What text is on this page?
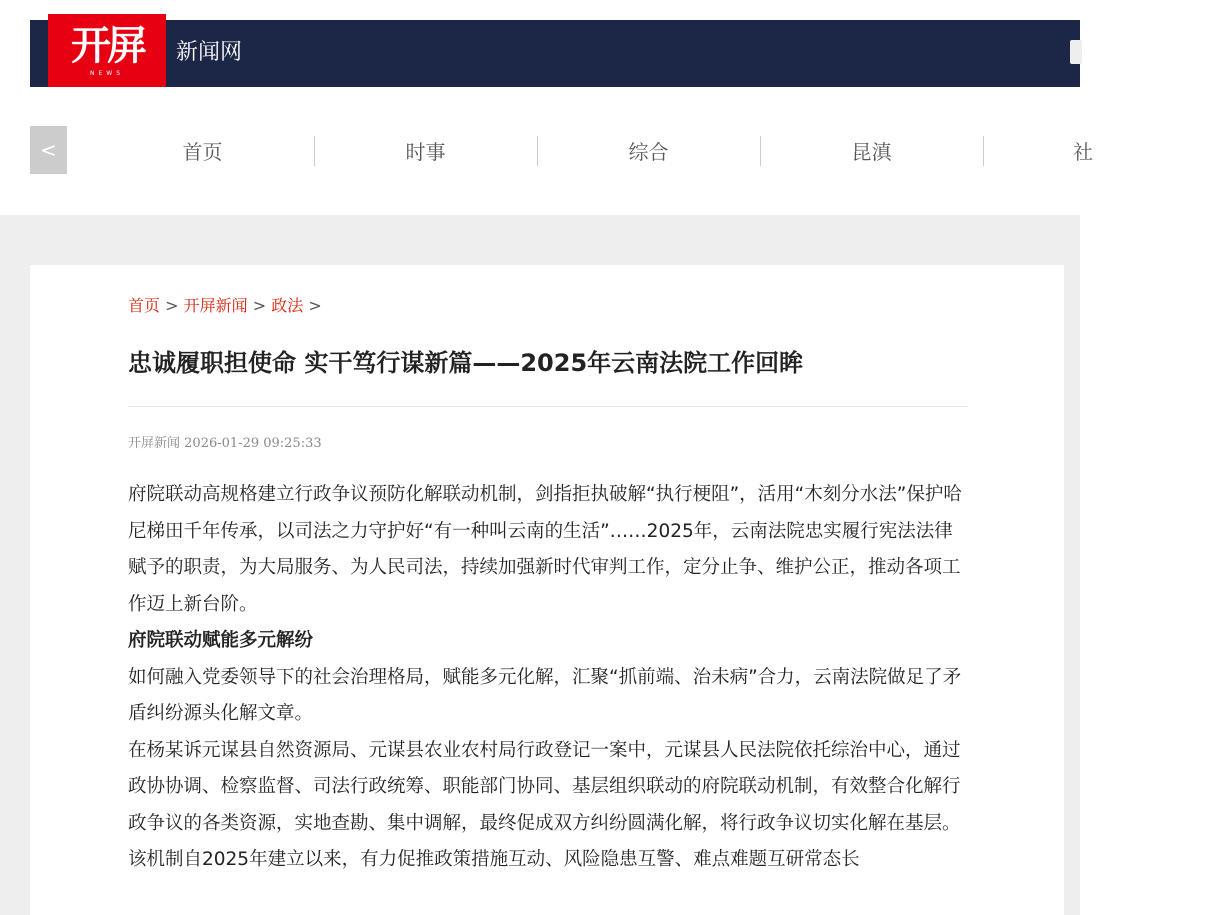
开屏
NEWS
新闻网
<	首页	时事	综合	昆滇	社
首页 > 开屏新闻 > 政法 >
忠诚履职担使命 实干笃行谋新篇——2025年云南法院工作回眸
开屏新闻 2026-01-29 09:25:33

府院联动高规格建立行政争议预防化解联动机制，剑指拒执破解“执行梗阻”，活用“木刻分水法”保护哈尼梯田千年传承，以司法之力守护好“有一种叫云南的生活”……2025年，云南法院忠实履行宪法法律赋予的职责，为大局服务、为人民司法，持续加强新时代审判工作，定分止争、维护公正，推动各项工作迈上新台阶。

府院联动赋能多元解纷

如何融入党委领导下的社会治理格局，赋能多元化解，汇聚“抓前端、治未病”合力，云南法院做足了矛盾纠纷源头化解文章。

在杨某诉元谋县自然资源局、元谋县农业农村局行政登记一案中，元谋县人民法院依托综治中心，通过政协协调、检察监督、司法行政统筹、职能部门协同、基层组织联动的府院联动机制，有效整合化解行政争议的各类资源，实地查勘、集中调解，最终促成双方纠纷圆满化解，将行政争议切实化解在基层。

该机制自2025年建立以来，有力促推政策措施互动、风险隐患互警、难点难题互研常态长
